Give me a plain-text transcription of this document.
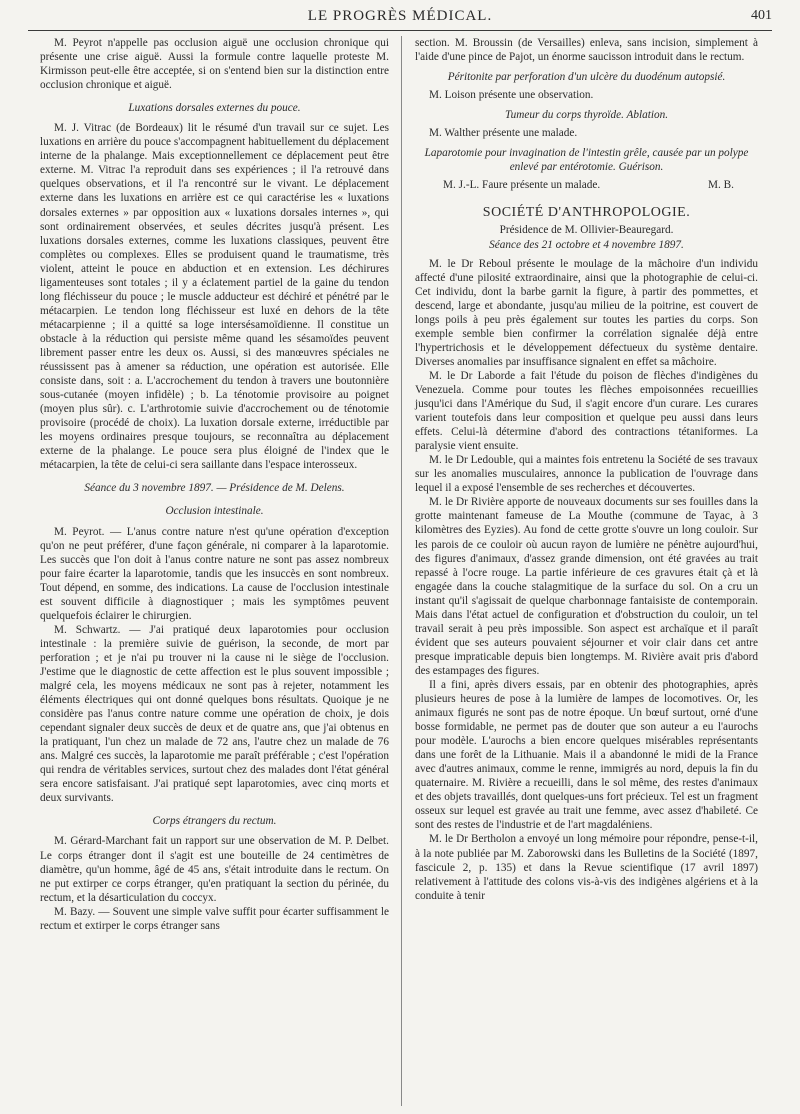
LE PROGRÈS MÉDICAL.	401

M. Peyrot n'appelle pas occlusion aiguë une occlusion chronique qui présente une crise aiguë. Aussi la formule contre laquelle proteste M. Kirmisson peut-elle être acceptée, si on s'entend bien sur la distinction entre occlusion chronique et aiguë.

Luxations dorsales externes du pouce.

M. J. Vitrac (de Bordeaux) lit le résumé d'un travail sur ce sujet. Les luxations en arrière du pouce s'accompagnent habituellement du déplacement interne de la phalange. Mais exceptionnellement ce déplacement peut être externe. M. Vitrac l'a reproduit dans ses expériences ; il l'a retrouvé dans quelques observations, et il l'a rencontré sur le vivant. Le déplacement externe dans les luxations en arrière est ce qui caractérise les « luxations dorsales externes » par opposition aux « luxations dorsales internes », qui sont ordinairement observées, et seules décrites jusqu'à présent. Les luxations dorsales externes, comme les luxations classiques, peuvent être complètes ou complexes. Elles se produisent quand le traumatisme, très violent, atteint le pouce en abduction et en extension. Les déchirures ligamenteuses sont totales ; il y a éclatement partiel de la gaine du tendon long fléchisseur du pouce ; le muscle adducteur est déchiré et pénétré par le métacarpien. Le tendon long fléchisseur est luxé en dehors de la tête métacarpienne ; il a quitté sa loge intersésamoïdienne. Il constitue un obstacle à la réduction qui persiste même quand les sésamoïdes peuvent librement passer entre les deux os. Aussi, si des manœuvres spéciales ne réussissent pas à amener sa réduction, une opération est autorisée. Elle consiste dans, soit : a. L'accrochement du tendon à travers une boutonnière sous-cutanée (moyen infidèle) ; b. La ténotomie provisoire au poignet (moyen plus sûr). c. L'arthrotomie suivie d'accrochement ou de ténotomie provisoire (procédé de choix). La luxation dorsale externe, irréductible par les moyens ordinaires presque toujours, se reconnaîtra au déplacement externe de la phalange. Le pouce sera plus éloigné de l'index que le métacarpien, la tête de celui-ci sera saillante dans l'espace interosseux.

Séance du 3 novembre 1897. — Présidence de M. Delens.

Occlusion intestinale.

M. Peyrot. — L'anus contre nature n'est qu'une opération d'exception qu'on ne peut préférer, d'une façon générale, ni comparer à la laparotomie. Les succès que l'on doit à l'anus contre nature ne sont pas assez nombreux pour faire écarter la laparotomie, tandis que les insuccès en sont nombreux. Tout dépend, en somme, des indications. La cause de l'occlusion intestinale est souvent difficile à diagnostiquer ; mais les symptômes peuvent quelquefois éclairer le chirurgien.

M. Schwartz. — J'ai pratiqué deux laparotomies pour occlusion intestinale : la première suivie de guérison, la seconde, de mort par perforation ; et je n'ai pu trouver ni la cause ni le siège de l'occlusion. J'estime que le diagnostic de cette affection est le plus souvent impossible ; malgré cela, les moyens médicaux ne sont pas à rejeter, notamment les éléments électriques qui ont donné quelques bons résultats. Quoique je ne considère pas l'anus contre nature comme une opération de choix, je dois cependant signaler deux succès de deux et de quatre ans, que j'ai obtenus en la pratiquant, l'un chez un malade de 72 ans, l'autre chez un malade de 76 ans. Malgré ces succès, la laparotomie me paraît préférable ; c'est l'opération qui rendra de véritables services, surtout chez des malades dont l'état général sera encore satisfaisant. J'ai pratiqué sept laparotomies, avec cinq morts et deux survivants.

Corps étrangers du rectum.

M. Gérard-Marchant fait un rapport sur une observation de M. P. Delbet. Le corps étranger dont il s'agit est une bouteille de 24 centimètres de diamètre, qu'un homme, âgé de 45 ans, s'était introduite dans le rectum. On ne put extirper ce corps étranger, qu'en pratiquant la section du périnée, du rectum, et la désarticulation du coccyx.

M. Bazy. — Souvent une simple valve suffit pour écarter suffisamment le rectum et extirper le corps étranger sans

section. M. Broussin (de Versailles) enleva, sans incision, simplement à l'aide d'une pince de Pajot, un énorme saucisson introduit dans le rectum.

Péritonite par perforation d'un ulcère du duodénum autopsié.

M. Loison présente une observation.

Tumeur du corps thyroïde. Ablation.

M. Walther présente une malade.

Laparotomie pour invagination de l'intestin grêle, causée par un polype enlevé par entérotomie. Guérison.

M. J.-L. Faure présente un malade.	M. B.

SOCIÉTÉ D'ANTHROPOLOGIE.

Présidence de M. Ollivier-Beauregard.

Séance des 21 octobre et 4 novembre 1897.

M. le Dr Reboul présente le moulage de la mâchoire d'un individu affecté d'une pilosité extraordinaire, ainsi que la photographie de celui-ci. Cet individu, dont la barbe garnit la figure, à partir des pommettes, et descend, large et abondante, jusqu'au milieu de la poitrine, est couvert de longs poils à peu près également sur toutes les parties du corps. Son exemple semble bien confirmer la corrélation signalée déjà entre l'hypertrichosis et le développement défectueux du système dentaire. Diverses anomalies par insuffisance signalent en effet sa mâchoire.

M. le Dr Laborde a fait l'étude du poison de flèches d'indigènes du Venezuela. Comme pour toutes les flèches empoisonnées recueillies jusqu'ici dans l'Amérique du Sud, il s'agit encore d'un curare. Les curares varient toutefois dans leur composition et quelque peu aussi dans leurs effets. Celui-là détermine d'abord des contractions tétaniformes. La paralysie vient ensuite.

M. le Dr Ledouble, qui a maintes fois entretenu la Société de ses travaux sur les anomalies musculaires, annonce la publication de l'ouvrage dans lequel il a exposé l'ensemble de ses recherches et découvertes.

M. le Dr Rivière apporte de nouveaux documents sur ses fouilles dans la grotte maintenant fameuse de La Mouthe (commune de Tayac, à 3 kilomètres des Eyzies). Au fond de cette grotte s'ouvre un long couloir. Sur les parois de ce couloir où aucun rayon de lumière ne pénètre aujourd'hui, des figures d'animaux, d'assez grande dimension, ont été gravées au trait repassé à l'ocre rouge. La partie inférieure de ces gravures était çà et là engagée dans la couche stalagmitique de la surface du sol. On a cru un instant qu'il s'agissait de quelque charbonnage fantaisiste de contemporain. Mais dans l'état actuel de configuration et d'obstruction du couloir, un tel travail serait à peu près impossible. Son aspect est archaïque et il paraît évident que ses auteurs pouvaient séjourner et voir clair dans cet antre presque impraticable depuis bien longtemps. M. Rivière avait pris d'abord des estampages des figures.

Il a fini, après divers essais, par en obtenir des photographies, après plusieurs heures de pose à la lumière de lampes de locomotives. Or, les animaux figurés ne sont pas de notre époque. Un bœuf surtout, orné d'une bosse formidable, ne permet pas de douter que son auteur a eu l'aurochs pour modèle. L'aurochs a bien encore quelques misérables représentants dans une forêt de la Lithuanie. Mais il a abandonné le midi de la France avec d'autres animaux, comme le renne, immigrés au nord, depuis la fin du quaternaire. M. Rivière a recueilli, dans le sol même, des restes d'animaux et des objets travaillés, dont quelques-uns fort précieux. Tel est un fragment osseux sur lequel est gravée au trait une femme, avec assez d'habileté. Ce sont des restes de l'industrie et de l'art magdaléniens.

M. le Dr Bertholon a envoyé un long mémoire pour répondre, pense-t-il, à la note publiée par M. Zaborowski dans les Bulletins de la Société (1897, fascicule 2, p. 135) et dans la Revue scientifique (17 avril 1897) relativement à l'attitude des colons vis-à-vis des indigènes algériens et à la conduite à tenir
